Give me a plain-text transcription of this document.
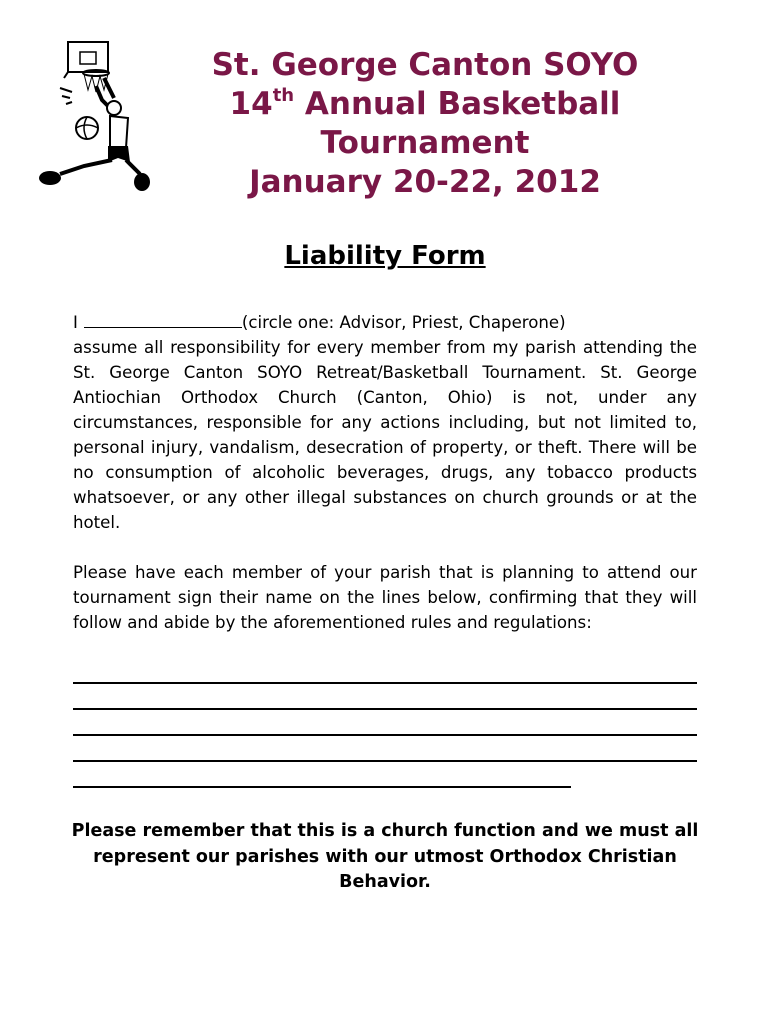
St. George Canton SOYO
14th Annual Basketball
Tournament
January 20-22, 2012
Liability Form
I	(circle one: Advisor, Priest, Chaperone)
assume all responsibility for every member from my parish attending the St. George Canton SOYO Retreat/Basketball Tournament. St. George Antiochian Orthodox Church (Canton, Ohio) is not, under any circumstances, responsible for any actions including, but not limited to, personal injury, vandalism, desecration of property, or theft. There will be no consumption of alcoholic beverages, drugs, any tobacco products whatsoever, or any other illegal substances on church grounds or at the hotel.
Please have each member of your parish that is planning to attend our tournament sign their name on the lines below, confirming that they will follow and abide by the aforementioned rules and regulations:
Please remember that this is a church function and we must all represent our parishes with our utmost Orthodox Christian Behavior.
